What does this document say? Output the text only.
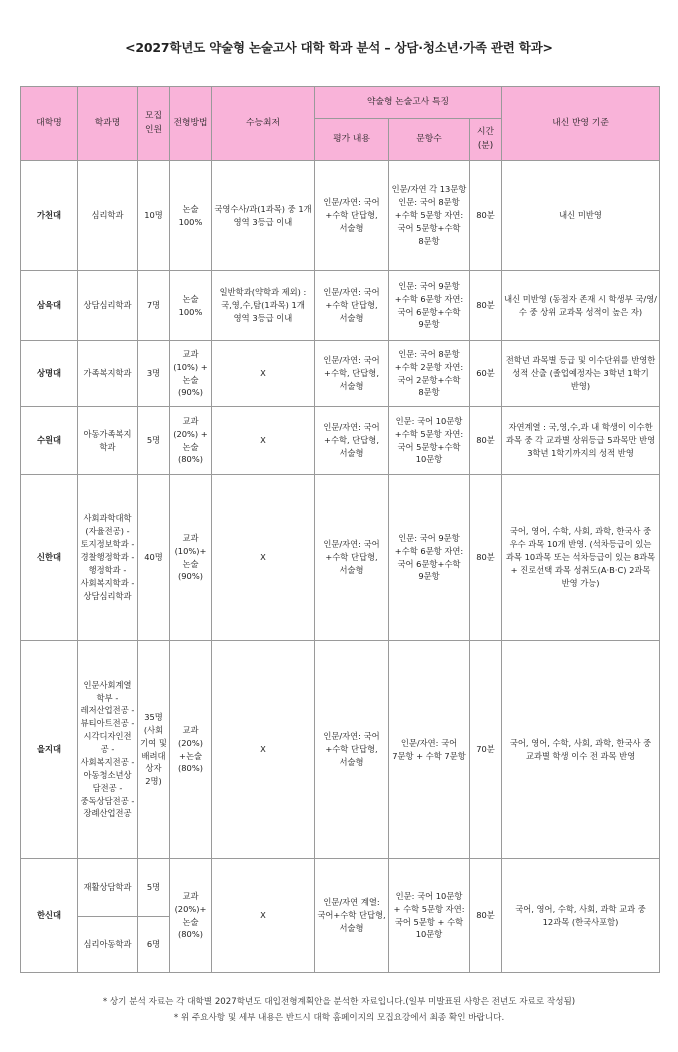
<2027학년도 약술형 논술고사 대학 학과 분석 – 상담·청소년·가족 관련 학과>
대학명	학과명	모집 인원	전형방법	수능최저	약술형 논술고사 특징			내신 반영 기준
					평가 내용	문항수	시간 (분)	
가천대	심리학과	10명	논술 100%	국영수사/과(1과목) 중 1개 영역 3등급 이내	인문/자연: 국어 +수학 단답형, 서술형	인문/자연 각 13문항 인문: 국어 8문항+수학 5문항 자연: 국어 5문항+수학 8문항	80분	내신 미반영
삼육대	상담심리학과	7명	논술 100%	일반학과(약학과 제외) : 국,영,수,탐(1과목) 1개 영역 3등급 이내	인문/자연: 국어 +수학 단답형, 서술형	인문: 국어 9문항+수학 6문항 자연: 국어 6문항+수학 9문항	80분	내신 미반영 (동점자 존재 시 학생부 국/영/수 중 상위 교과목 성적이 높은 자)
상명대	가족복지학과	3명	교과 (10%) + 논술 (90%)	X	인문/자연: 국어 +수학, 단답형, 서술형	인문: 국어 8문항+수학 2문항 자연: 국어 2문항+수학 8문항	60분	전학년 과목별 등급 및 이수단위를 반영한 성적 산출 (졸업예정자는 3학년 1학기 반영)
수원대	아동가족복지학과	5명	교과 (20%) + 논술 (80%)	X	인문/자연: 국어 +수학, 단답형, 서술형	인문: 국어 10문항+수학 5문항 자연: 국어 5문항+수학 10문항	80분	자연계열 : 국,영,수,과 내 학생이 이수한 과목 중 각 교과별 상위등급 5과목만 반영 3학년 1학기까지의 성적 반영
신한대	사회과학대학 (자율전공) -토지정보학과 -경찰행정학과 -행정학과 -사회복지학과 -상담심리학과	40명	교과 (10%)+ 논술 (90%)	X	인문/자연: 국어 +수학 단답형, 서술형	인문: 국어 9문항+수학 6문항 자연: 국어 6문항+수학 9문항	80분	국어, 영어, 수학, 사회, 과학, 한국사 중 우수 과목 10개 반영. (석차등급이 있는 과목 10과목 또는 석차등급이 있는 8과목 + 진로선택 과목 성취도(A·B·C) 2과목 반영 가능)
을지대	인문사회계열학부 - 레저산업전공 - 뷰티아트전공 - 시각디자인전공 - 사회복지전공 -아동청소년상담전공 - 중독상담전공 - 장례산업전공	35명 (사회기여 및 배려대상자 2명)	교과 (20%) +논술 (80%)	X	인문/자연: 국어 +수학 단답형, 서술형	인문/자연: 국어 7문항 + 수학 7문항	70분	국어, 영어, 수학, 사회, 과학, 한국사 중 교과별 학생 이수 전 과목 반영
한신대	재활상담학과	5명	교과 (20%)+ 논술 (80%)	X	인문/자연 계열: 국어+수학 단답형, 서술형	인문: 국어 10문항 + 수학 5문항 자연: 국어 5문항 + 수학 10문항	80분	국어, 영어, 수학, 사회, 과학 교과 중 12과목 (한국사포함)
	심리아동학과	6명						
* 상기 분석 자료는 각 대학별 2027학년도 대입전형계획안을 분석한 자료입니다.(일부 미발표된 사항은 전년도 자료로 작성됨)
* 위 주요사항 및 세부 내용은 반드시 대학 홈페이지의 모집요강에서 최종 확인 바랍니다.
